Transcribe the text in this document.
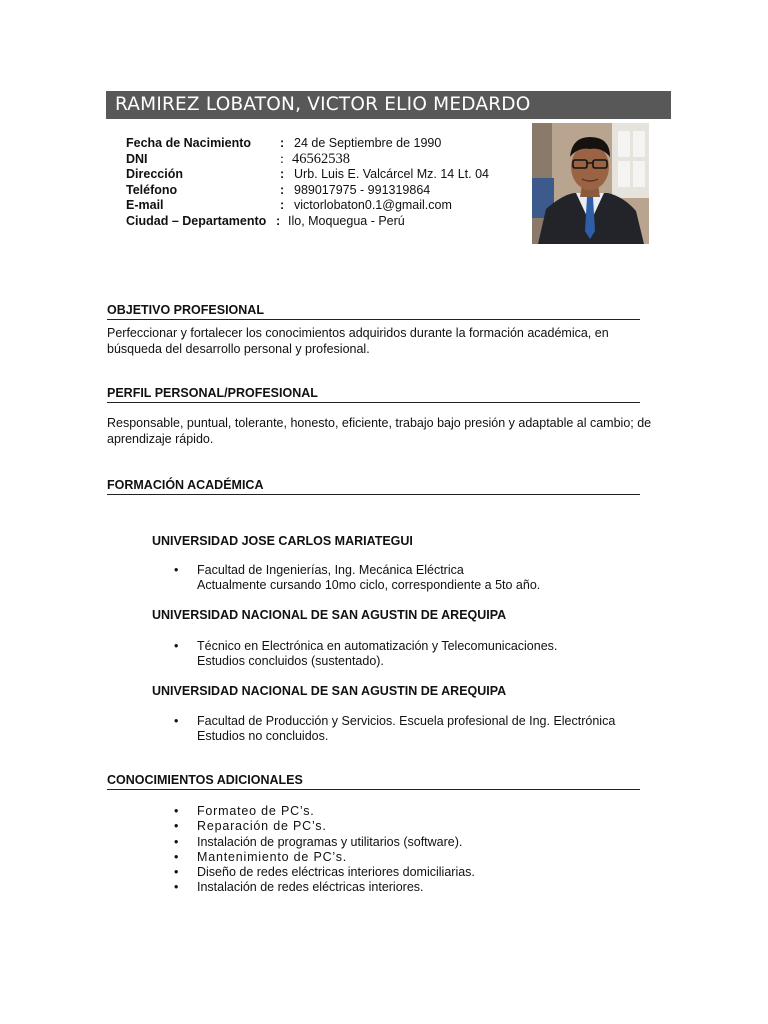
RAMIREZ LOBATON, VICTOR ELIO MEDARDO
Fecha de Nacimiento : 24 de Septiembre de 1990
DNI	: 46562538
Dirección	: Urb. Luis E. Valcárcel Mz. 14 Lt. 04
Teléfono	: 989017975 - 991319864
E-mail	: victorlobaton0.1@gmail.com
Ciudad – Departamento : Ilo, Moquegua - Perú
OBJETIVO PROFESIONAL
Perfeccionar y fortalecer los conocimientos adquiridos durante la formación académica, en búsqueda del desarrollo personal y profesional.
PERFIL PERSONAL/PROFESIONAL
Responsable, puntual, tolerante, honesto, eficiente, trabajo bajo presión y adaptable al cambio; de aprendizaje rápido.
FORMACIÓN ACADÉMICA
UNIVERSIDAD JOSE CARLOS MARIATEGUI
• Facultad de Ingenierías, Ing. Mecánica Eléctrica
Actualmente cursando 10mo ciclo, correspondiente a 5to año.
UNIVERSIDAD NACIONAL DE SAN AGUSTIN DE AREQUIPA
• Técnico en Electrónica en automatización y Telecomunicaciones.
Estudios concluidos (sustentado).
UNIVERSIDAD NACIONAL DE SAN AGUSTIN DE AREQUIPA
• Facultad de Producción y Servicios. Escuela profesional de Ing. Electrónica
Estudios no concluidos.
CONOCIMIENTOS ADICIONALES
• Formateo de PC’s.
• Reparación de PC’s.
• Instalación de programas y utilitarios (software).
• Mantenimiento de PC’s.
• Diseño de redes eléctricas interiores domiciliarias.
• Instalación de redes eléctricas interiores.
